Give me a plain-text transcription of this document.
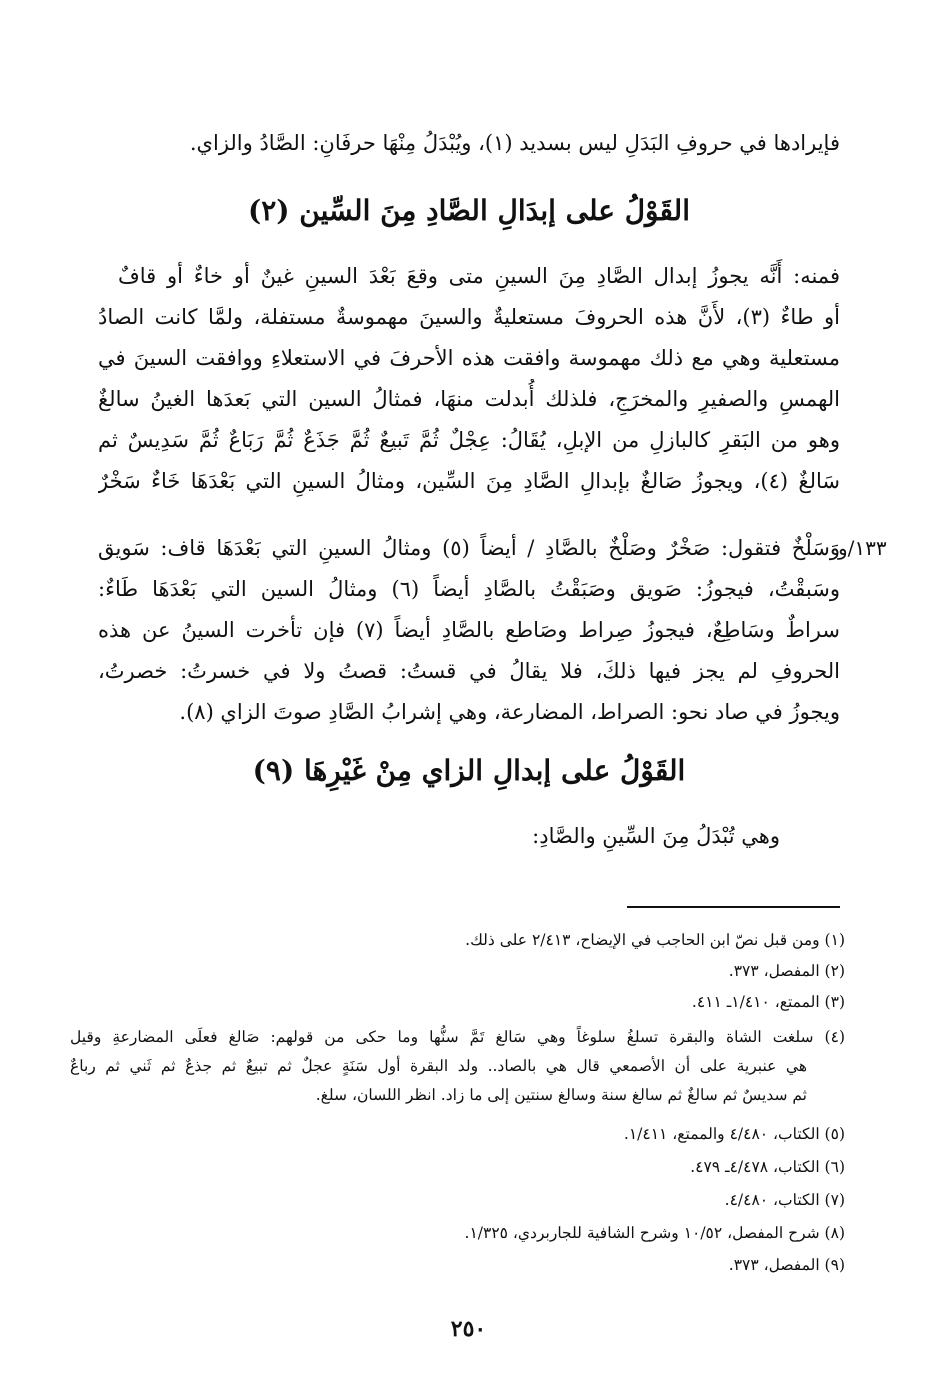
فإيرادها في حروفِ البَدَلِ ليس بسديد (١)، ويُبْدَلُ مِنْهَا حرفَانِ: الصَّادُ والزاي.
القَوْلُ على إبدَالِ الصَّادِ مِنَ السِّين (٢)
فمنه: أَنَّه يجوزُ إبدال الصَّادِ مِنَ السينِ متى وقعَ بَعْدَ السينِ غينٌ أو خاءٌ أو قافٌ
أو طاءٌ (٣)، لأَنَّ هذه الحروفَ مستعليةٌ والسينَ مهموسةٌ مستفلة، ولمَّا كانت الصادُ
مستعلية وهي مع ذلك مهموسة وافقت هذه الأحرفَ في الاستعلاءِ ووافقت السينَ في
الهمسِ والصفيرِ والمخرَجِ، فلذلك أُبدلت منهَا، فمثالُ السين التي بَعدَها الغينُ سالغٌ
وهو من البَقرِ كالبازلِ من الإبلِ، يُقَالُ: عِجْلٌ ثُمَّ تَبيعٌ ثُمَّ جَذَعٌ ثُمَّ رَبَاعٌ ثُمَّ سَدِيسٌ ثم
سَالغٌ (٤)، ويجوزُ صَالغٌ بإبدالِ الصَّادِ مِنَ السِّين، ومثالُ السينِ التي بَعْدَهَا خَاءٌ سَخْرٌ
وَسَلْخٌ فتقول: صَخْرٌ وصَلْخٌ بالصَّادِ / أيضاً (٥) ومثالُ السينِ التي بَعْدَهَا قاف: سَويق
وسَبقْتُ، فيجوزُ: صَويق وصَبَقْتُ بالصَّادِ أيضاً (٦) ومثالُ السين التي بَعْدَهَا طَاءٌ:
سراطٌ وسَاطِعٌ، فيجوزُ صِراط وصَاطع بالصَّادِ أيضاً (٧) فإن تأخرت السينُ عن هذه
الحروفِ لم يجز فيها ذلكَ، فلا يقالُ في قستُ: قصتُ ولا في خسرتُ: خصرتُ،
ويجوزُ في صاد نحو: الصراط، المضارعة، وهي إشرابُ الصَّادِ صوتَ الزاي (٨).
١٣٣/و
القَوْلُ على إبدالِ الزاي مِنْ غَيْرِهَا (٩)
وهي تُبْدَلُ مِنَ السِّينِ والصَّادِ:
(١) ومن قبل نصّ ابن الحاجب في الإيضاح، ٢/٤١٣ على ذلك.
(٢) المفصل، ٣٧٣.
(٣) الممتع، ١/٤١٠ـ ٤١١.
(٤) سلغت الشاة والبقرة تسلغُ سلوغاً وهي سَالغ تَمَّ سنُّها وما حكى من قولهم: صَالغ فعلَى المضارعةِ وقيل
هي عنبرية على أن الأصمعي قال هي بالصاد.. ولد البقرة أول سَنَةٍ عجلٌ ثم تبيعٌ ثم جذعٌ ثم ثَني ثم رباعٌ
ثم سديسٌ ثم سالغٌ ثم سالغ سنة وسالغ سنتين إلى ما زاد. انظر اللسان، سلغ.
(٥) الكتاب، ٤/٤٨٠ والممتع، ١/٤١١.
(٦) الكتاب، ٤/٤٧٨ـ ٤٧٩.
(٧) الكتاب، ٤/٤٨٠.
(٨) شرح المفصل، ١٠/٥٢ وشرح الشافية للجاربردي، ١/٣٢٥.
(٩) المفصل، ٣٧٣.
٢٥٠
